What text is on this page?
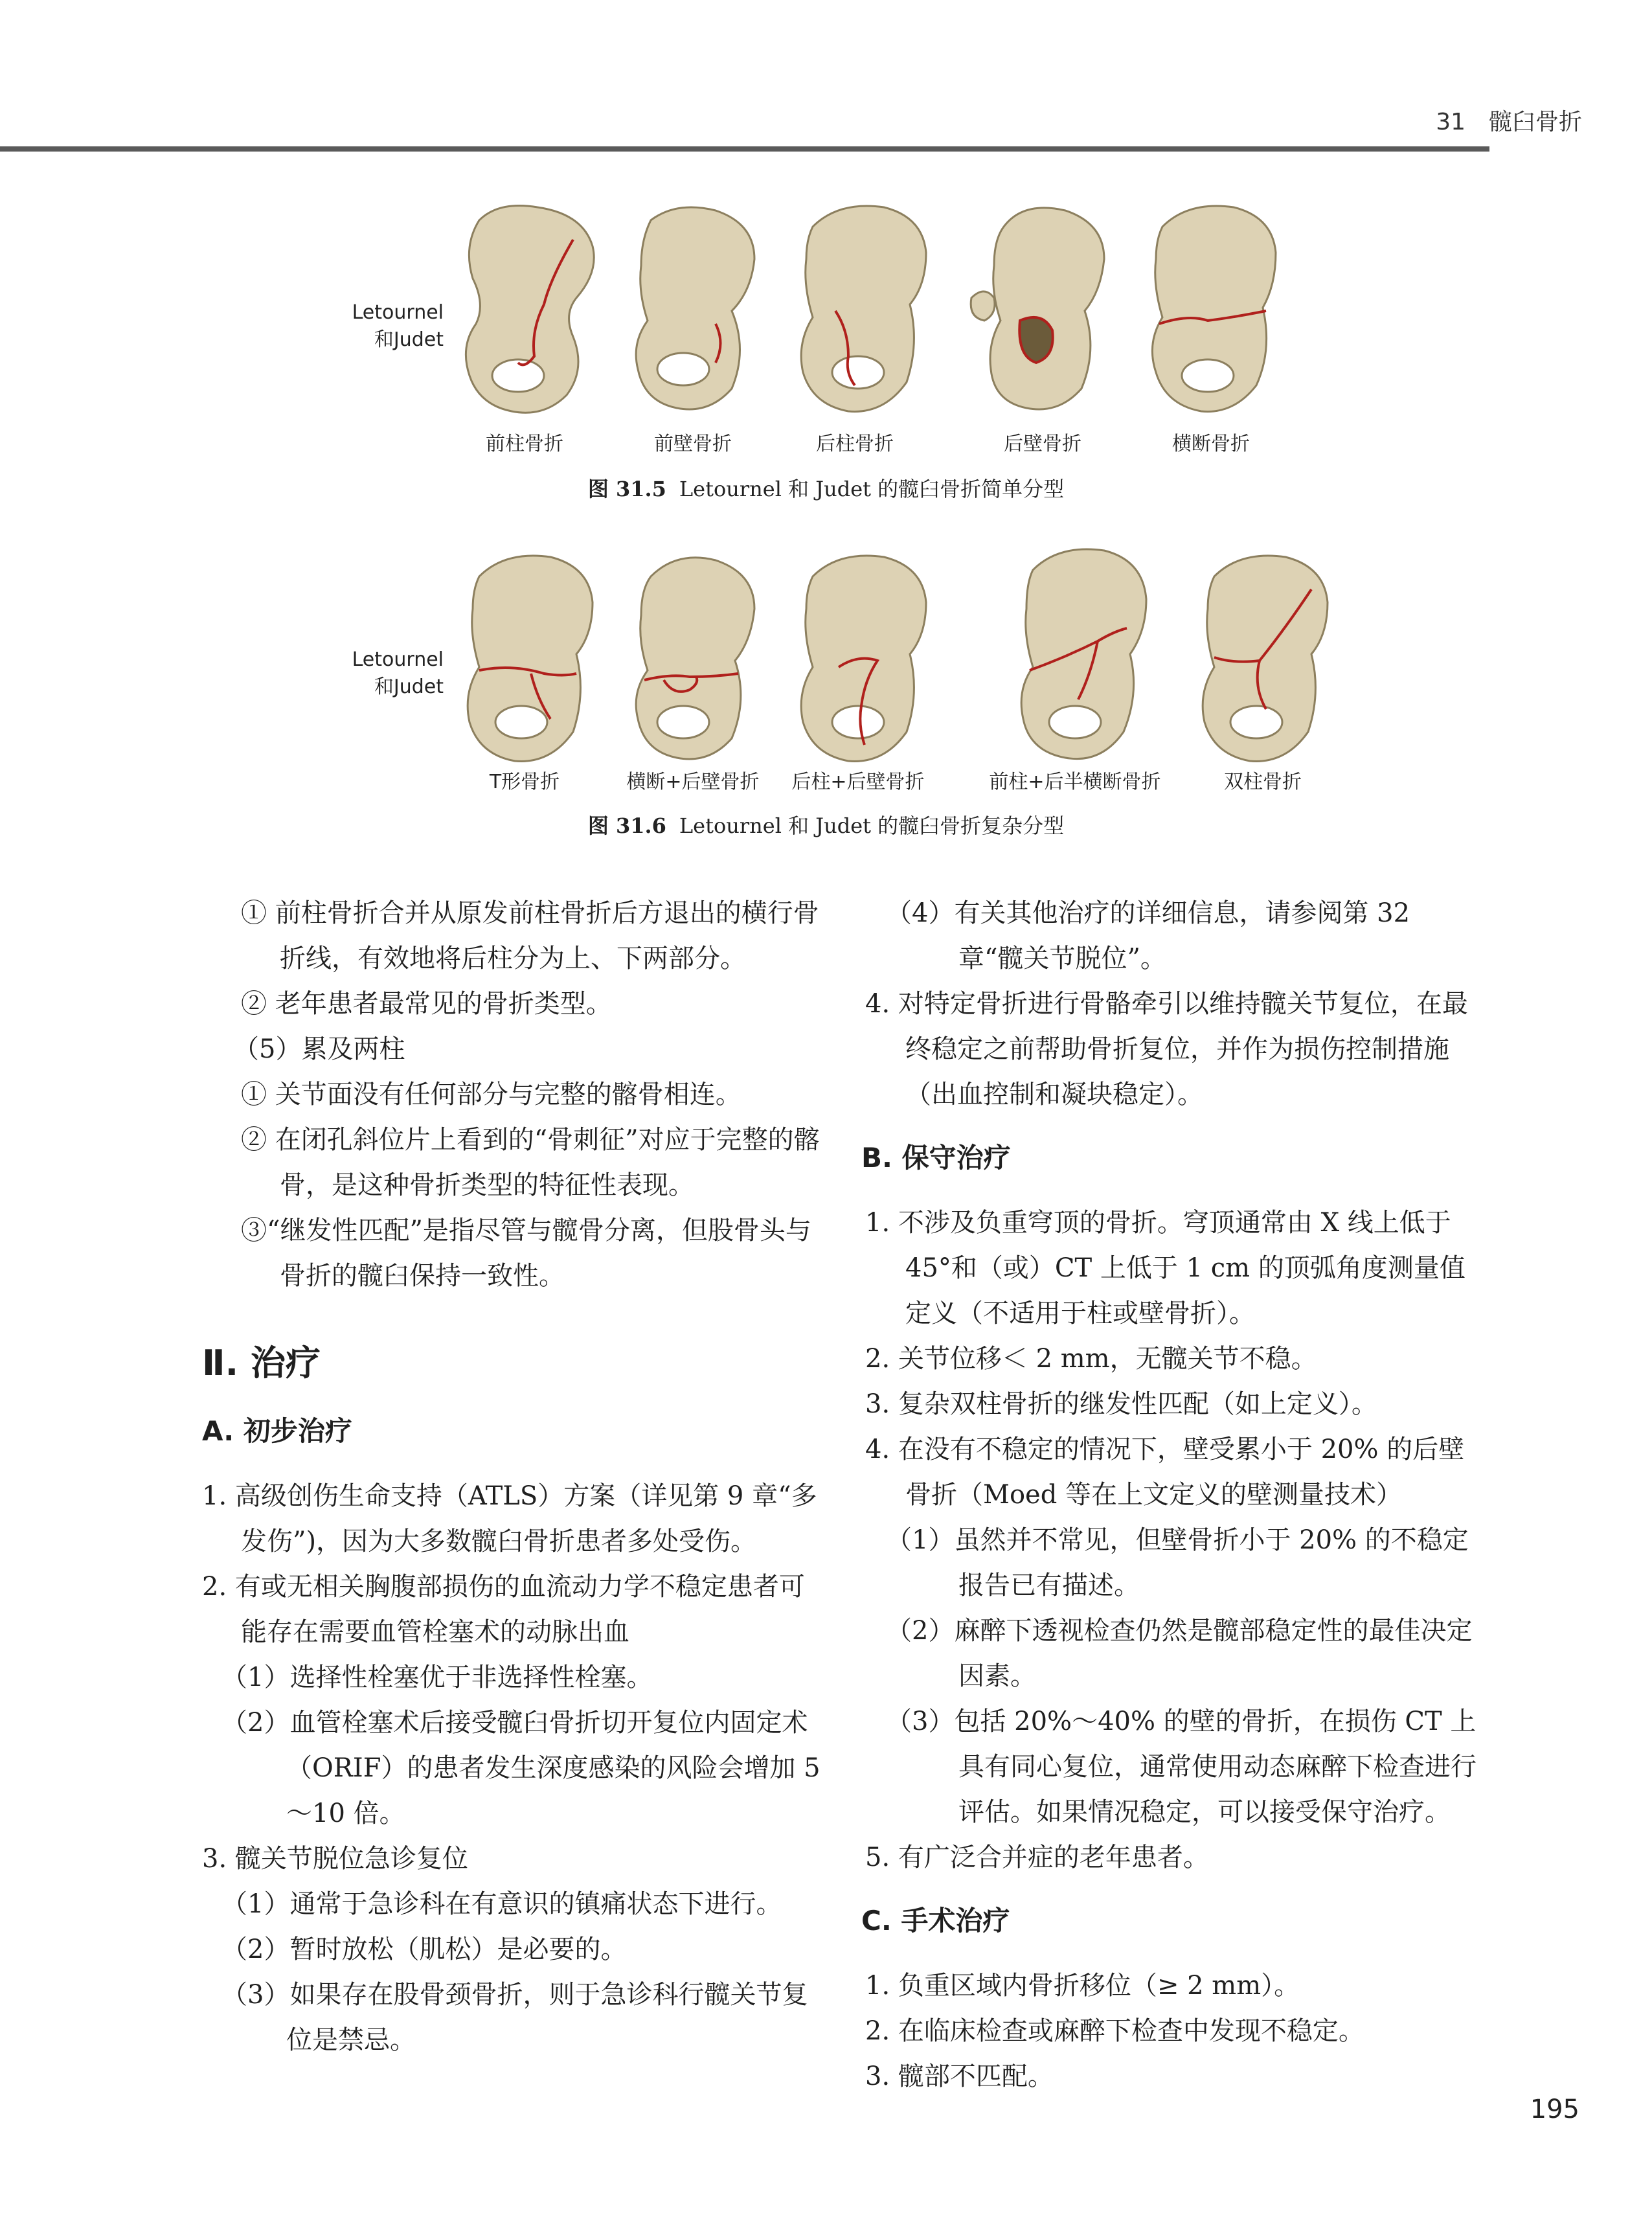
31　髋臼骨折
Letournel
和Judet
前柱骨折	前壁骨折	后柱骨折	后壁骨折	横断骨折
图 31.5 Letournel 和 Judet 的髋臼骨折简单分型
Letournel
和Judet
T形骨折	横断+后壁骨折	后柱+后壁骨折	前柱+后半横断骨折	双柱骨折
图 31.6 Letournel 和 Judet 的髋臼骨折复杂分型

① 前柱骨折合并从原发前柱骨折后方退出的横行骨折线，有效地将后柱分为上、下两部分。

② 老年患者最常见的骨折类型。

（5）累及两柱

① 关节面没有任何部分与完整的髂骨相连。

② 在闭孔斜位片上看到的“骨刺征”对应于完整的髂骨，是这种骨折类型的特征性表现。

③“继发性匹配”是指尽管与髋骨分离，但股骨头与骨折的髋臼保持一致性。

Ⅱ. 治疗
A. 初步治疗

1. 高级创伤生命支持（ATLS）方案（详见第 9 章“多发伤”)，因为大多数髋臼骨折患者多处受伤。

2. 有或无相关胸腹部损伤的血流动力学不稳定患者可能存在需要血管栓塞术的动脉出血

（1）选择性栓塞优于非选择性栓塞。

（2）血管栓塞术后接受髋臼骨折切开复位内固定术（ORIF）的患者发生深度感染的风险会增加 5～10 倍。

3. 髋关节脱位急诊复位

（1）通常于急诊科在有意识的镇痛状态下进行。

（2）暂时放松（肌松）是必要的。

（3）如果存在股骨颈骨折，则于急诊科行髋关节复位是禁忌。

（4）有关其他治疗的详细信息，请参阅第 32 章“髋关节脱位”。

4. 对特定骨折进行骨骼牵引以维持髋关节复位，在最终稳定之前帮助骨折复位，并作为损伤控制措施（出血控制和凝块稳定）。

B. 保守治疗

1. 不涉及负重穹顶的骨折。穹顶通常由 X 线上低于 45°和（或）CT 上低于 1 cm 的顶弧角度测量值定义（不适用于柱或壁骨折）。

2. 关节位移＜ 2 mm，无髋关节不稳。

3. 复杂双柱骨折的继发性匹配（如上定义）。

4. 在没有不稳定的情况下，壁受累小于 20% 的后壁骨折（Moed 等在上文定义的壁测量技术）

（1）虽然并不常见，但壁骨折小于 20% 的不稳定报告已有描述。

（2）麻醉下透视检查仍然是髋部稳定性的最佳决定因素。

（3）包括 20%～40% 的壁的骨折，在损伤 CT 上具有同心复位，通常使用动态麻醉下检查进行评估。如果情况稳定，可以接受保守治疗。

5. 有广泛合并症的老年患者。

C. 手术治疗

1. 负重区域内骨折移位（≥ 2 mm）。

2. 在临床检查或麻醉下检查中发现不稳定。

3. 髋部不匹配。

195
